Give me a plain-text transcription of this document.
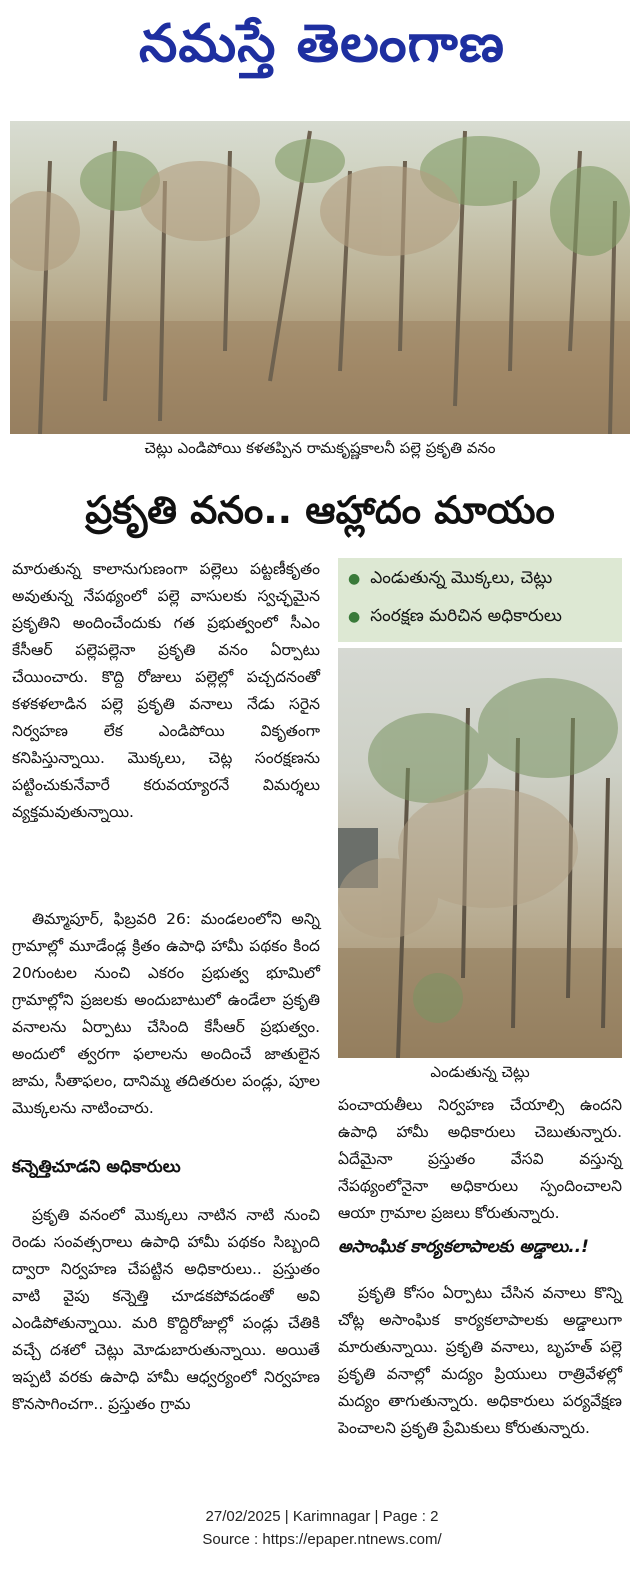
నమస్తే తెలంగాణ
చెట్లు ఎండిపోయి కళతప్పిన రామకృష్ణకాలనీ పల్లె ప్రకృతి వనం
ప్రకృతి వనం.. ఆహ్లాదం మాయం
● ఎండుతున్న మొక్కలు, చెట్లు
● సంరక్షణ మరిచిన అధికారులు
ఎండుతున్న చెట్లు

మారుతున్న కాలానుగుణంగా పల్లెలు పట్టణీకృతం అవుతున్న నేపథ్యంలో పల్లె వాసులకు స్వచ్ఛమైన ప్రకృతిని అందించేందుకు గత ప్రభుత్వంలో సీఎం కేసీఆర్ పల్లెపల్లెనా ప్రకృతి వనం ఏర్పాటు చేయించారు. కొద్ది రోజులు పల్లెల్లో పచ్చదనంతో కళకళలాడిన పల్లె ప్రకృతి వనాలు నేడు సరైన నిర్వహణ లేక ఎండిపోయి వికృతంగా కనిపిస్తున్నాయి. మొక్కలు, చెట్ల సంరక్షణను పట్టించుకునేవారే కరువయ్యారనే విమర్శలు వ్యక్తమవుతున్నాయి.

తిమ్మాపూర్, ఫిబ్రవరి 26: మండలంలోని అన్ని గ్రామాల్లో మూడేండ్ల క్రితం ఉపాధి హామీ పథకం కింద 20గుంటల నుంచి ఎకరం ప్రభుత్వ భూమిలో గ్రామాల్లోని ప్రజలకు అందుబాటులో ఉండేలా ప్రకృతి వనాలను ఏర్పాటు చేసింది కేసీఆర్ ప్రభుత్వం. అందులో త్వరగా ఫలాలను అందించే జాతులైన జామ, సీతాఫలం, దానిమ్మ తదితరుల పండ్లు, పూల మొక్కలను నాటించారు.

కన్నెత్తిచూడని అధికారులు

ప్రకృతి వనంలో మొక్కలు నాటిన నాటి నుంచి రెండు సంవత్సరాలు ఉపాధి హామీ పథకం సిబ్బంది ద్వారా నిర్వహణ చేపట్టిన అధికారులు.. ప్రస్తుతం వాటి వైపు కన్నెత్తి చూడకపోవడంతో అవి ఎండిపోతున్నాయి. మరి కొద్దిరోజుల్లో పండ్లు చేతికి వచ్చే దశలో చెట్లు మోడుబారుతున్నాయి. అయితే ఇప్పటి వరకు ఉపాధి హామీ ఆధ్వర్యంలో నిర్వహణ కొనసాగించగా.. ప్రస్తుతం గ్రామ

పంచాయతీలు నిర్వహణ చేయాల్సి ఉందని ఉపాధి హామీ అధికారులు చెబుతున్నారు. ఏదేమైనా ప్రస్తుతం వేసవి వస్తున్న నేపథ్యంలోనైనా అధికారులు స్పందించాలని ఆయా గ్రామాల ప్రజలు కోరుతున్నారు.

అసాంఘిక కార్యకలాపాలకు అడ్డాలు..!

ప్రకృతి కోసం ఏర్పాటు చేసిన వనాలు కొన్ని చోట్ల అసాంఘిక కార్యకలాపాలకు అడ్డాలుగా మారుతున్నాయి. ప్రకృతి వనాలు, బృహత్ పల్లె ప్రకృతి వనాల్లో మద్యం ప్రియులు రాత్రివేళల్లో మద్యం తాగుతున్నారు. అధికారులు పర్యవేక్షణ పెంచాలని ప్రకృతి ప్రేమికులు కోరుతున్నారు.

27/02/2025 | Karimnagar | Page : 2
Source : https://epaper.ntnews.com/
